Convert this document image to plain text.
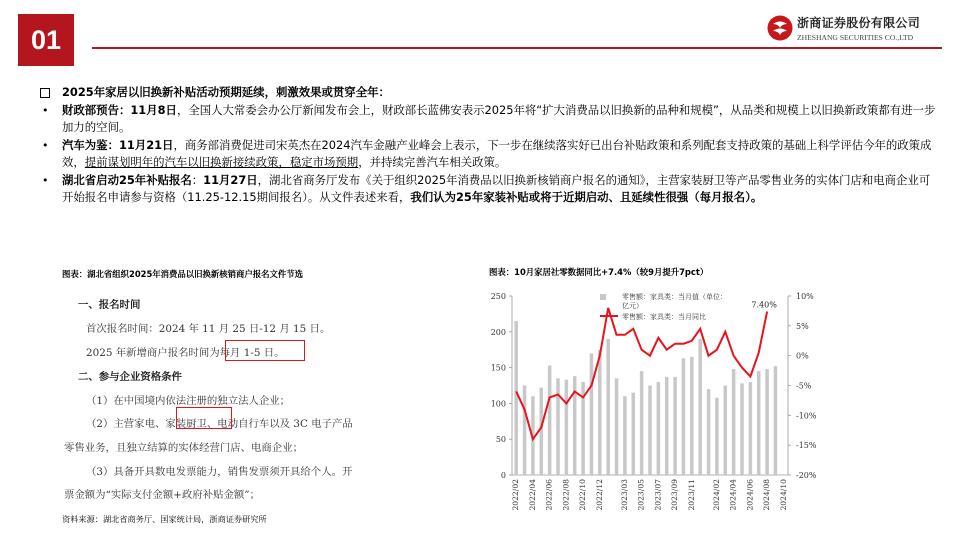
01
浙商证券股份有限公司
ZHESHANG SECURITIES CO.,LTD
2025年家居以旧换新补贴活动预期延续，刺激效果或贯穿全年：
• 财政部预告：11月8日，全国人大常委会办公厅新闻发布会上，财政部长蓝佛安表示2025年将“扩大消费品以旧换新的品种和规模”，从品类和规模上以旧换新政策都有进一步加力的空间。
• 汽车为鉴：11月21日，商务部消费促进司宋英杰在2024汽车金融产业峰会上表示，下一步在继续落实好已出台补贴政策和系列配套支持政策的基础上科学评估今年的政策成效，提前谋划明年的汽车以旧换新接续政策，稳定市场预期，并持续完善汽车相关政策。
• 湖北省启动25年补贴报名：11月27日，湖北省商务厅发布《关于组织2025年消费品以旧换新核销商户报名的通知》，主营家装厨卫等产品零售业务的实体门店和电商企业可开始报名申请参与资格（11.25-12.15期间报名）。从文件表述来看，我们认为25年家装补贴或将于近期启动、且延续性很强（每月报名）。
图表：湖北省组织2025年消费品以旧换新核销商户报名文件节选
一、报名时间
首次报名时间：2024 年 11 月 25 日-12 月 15 日。
2025 年新增商户报名时间为每月 1-5 日。
二、参与企业资格条件
（1）在中国境内依法注册的独立法人企业；
（2）主营家电、家装厨卫、电动自行车以及 3C 电子产品
零售业务，且独立结算的实体经营门店、电商企业；
（3）具备开具数电发票能力，销售发票须开具给个人。开
票金额为“实际支付金额+政府补贴金额”；
资料来源：湖北省商务厅、国家统计局，浙商证券研究所
图表：10月家居社零数据同比+7.4%（较9月提升7pct）
0
50
100
150
200
250
-20%
-15%
-10%
-5%
0%
5%
10%
7.40%
2022/02 2022/04 2022/06 2022/08 2022/10 2022/12 2023/03 2023/05 2023/07 2023/09 2023/11 2024/02 2024/04 2024/06 2024/08 2024/10
零售额：家具类：当月值（单位：
亿元）
零售额：家具类：当月同比
